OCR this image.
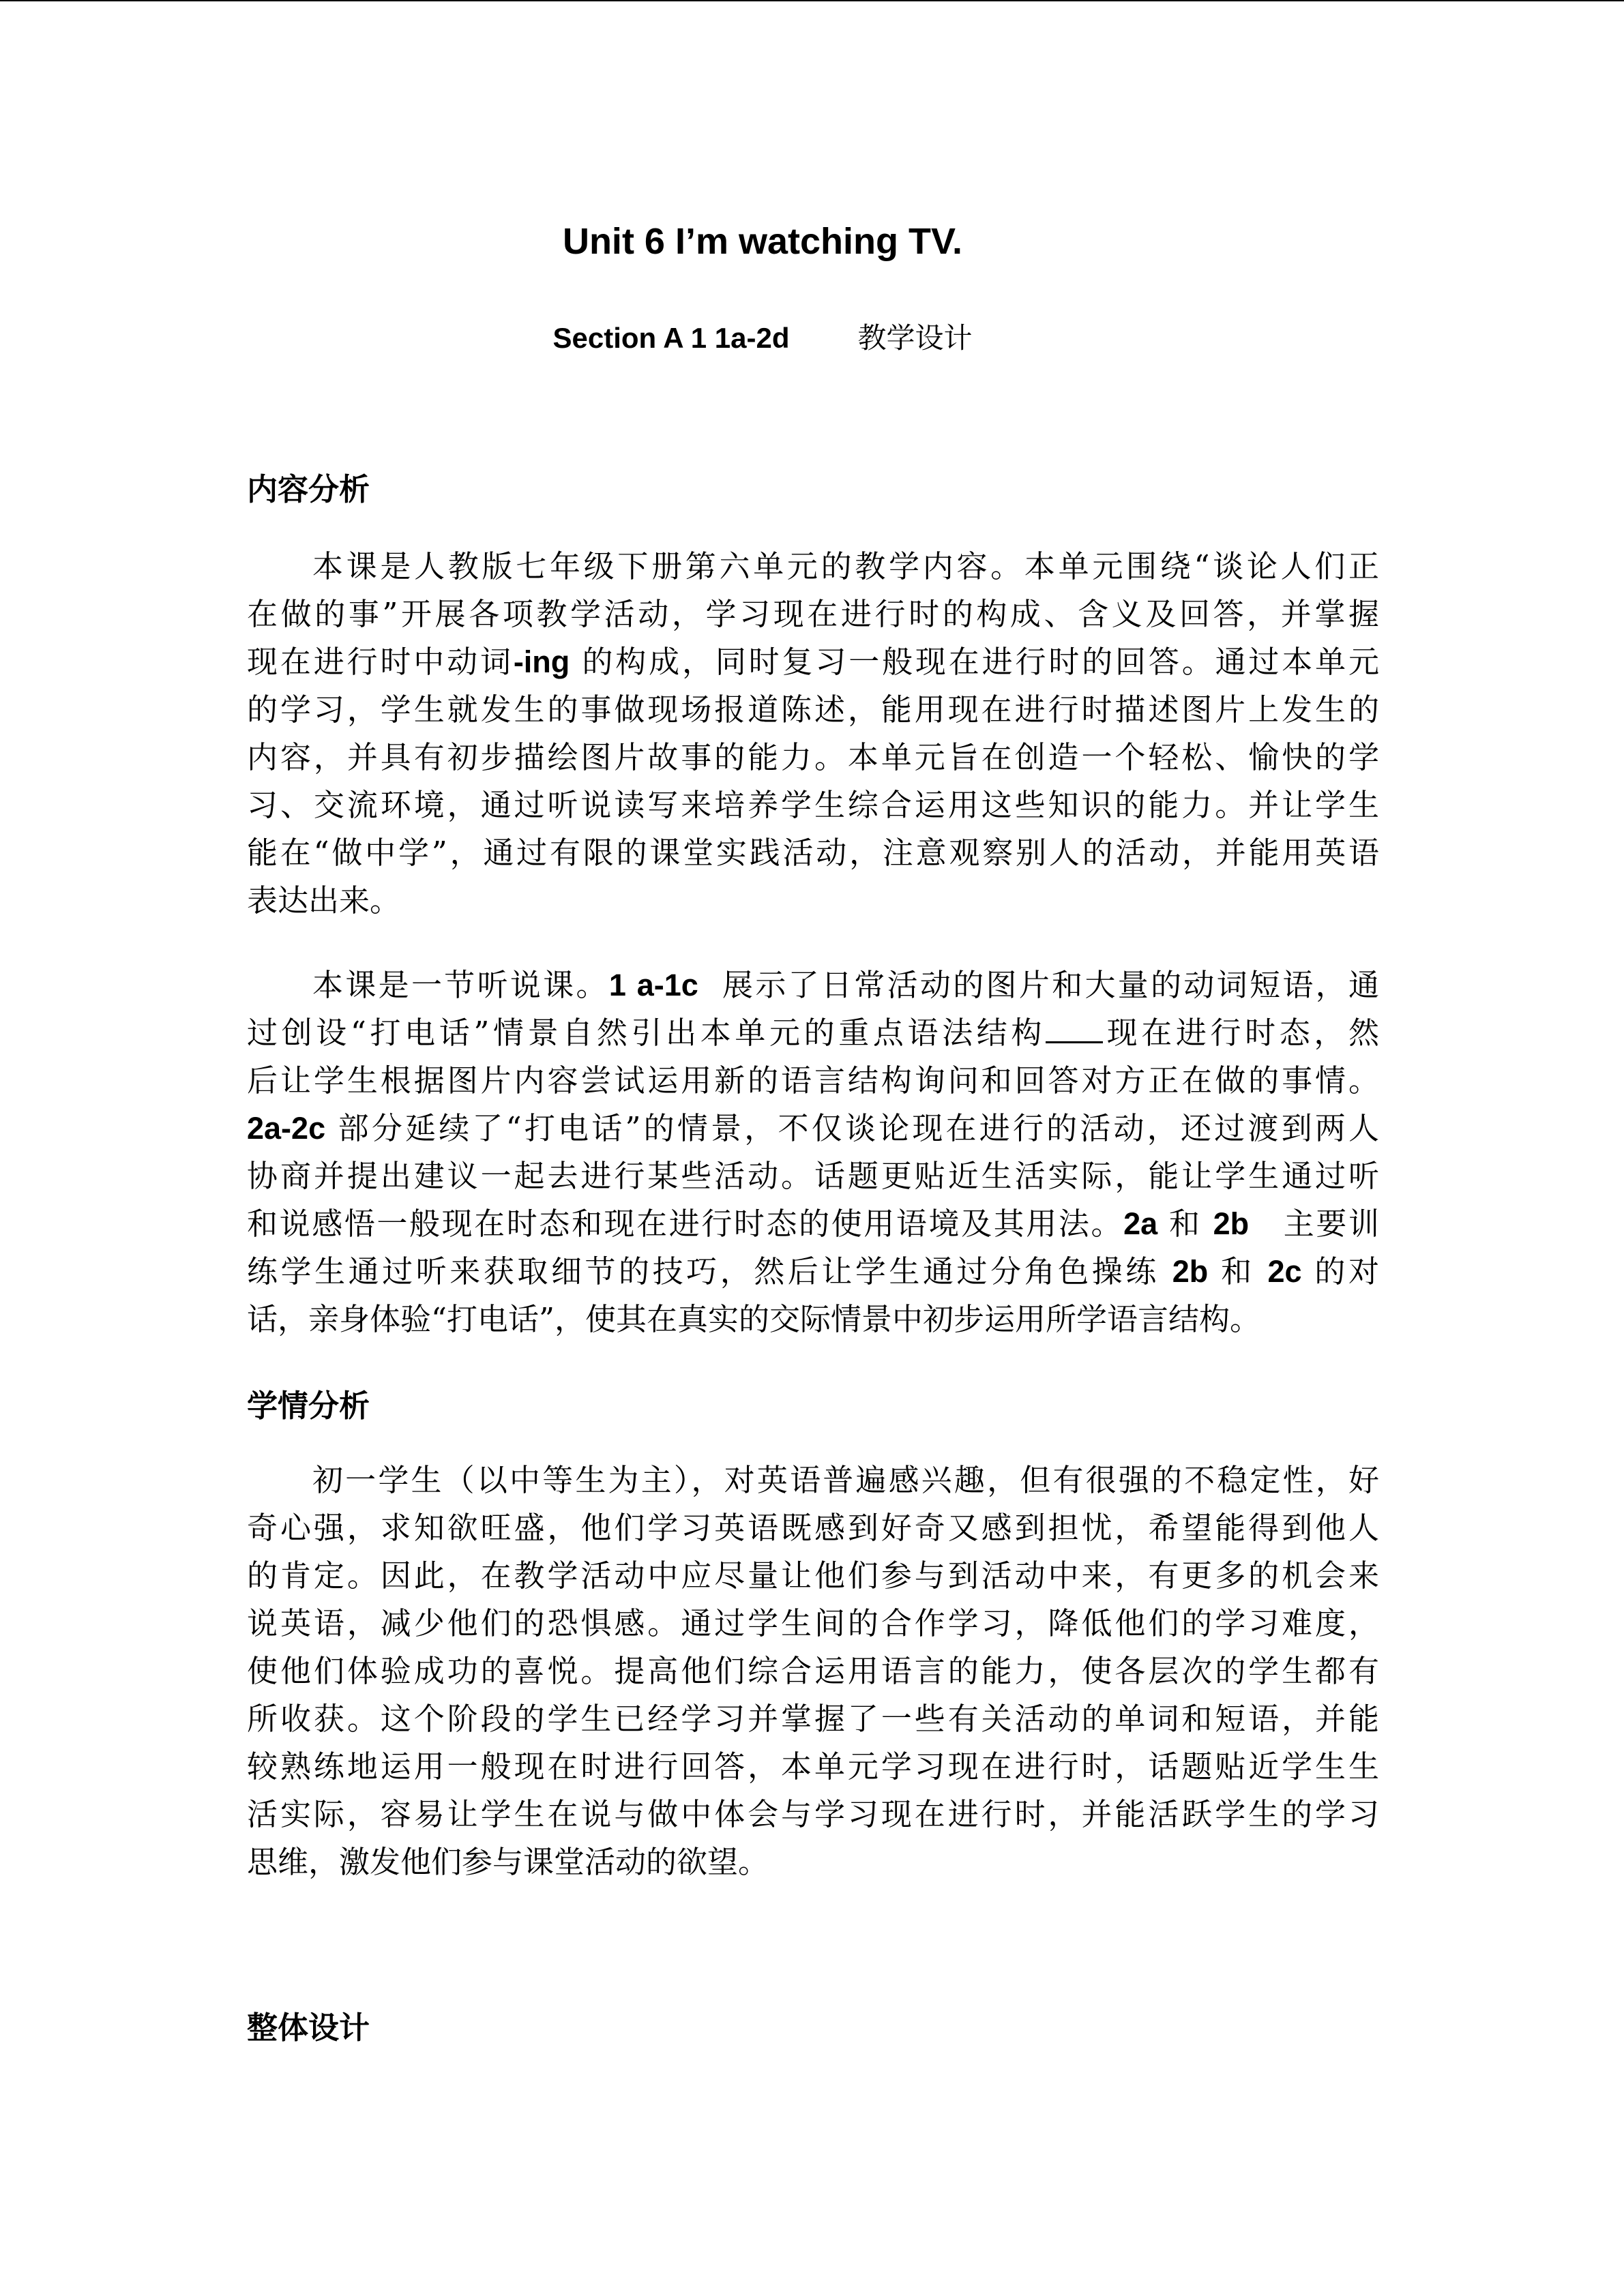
Unit 6 I’m watching TV.

Section A 1 1a-2d 教学设计

内容分析
本课是人教版七年级下册第六单元的教学内容。本单元围绕“谈论人们正
在做的事”开展各项教学活动，学习现在进行时的构成、含义及回答，并掌握
现在进行时中动词-ing 的构成，同时复习一般现在进行时的回答。通过本单元
的学习，学生就发生的事做现场报道陈述，能用现在进行时描述图片上发生的
内容，并具有初步描绘图片故事的能力。本单元旨在创造一个轻松、愉快的学
习、交流环境，通过听说读写来培养学生综合运用这些知识的能力。并让学生
能在“做中学”，通过有限的课堂实践活动，注意观察别人的活动，并能用英语
表达出来。
本课是一节听说课。1 a-1c 展示了日常活动的图片和大量的动词短语，通
过创设“打电话”情景自然引出本单元的重点语法结构 现在进行时态，然
后让学生根据图片内容尝试运用新的语言结构询问和回答对方正在做的事情。
2a-2c 部分延续了“打电话”的情景，不仅谈论现在进行的活动，还过渡到两人
协商并提出建议一起去进行某些活动。话题更贴近生活实际，能让学生通过听
和说感悟一般现在时态和现在进行时态的使用语境及其用法。2a 和 2b 主要训
练学生通过听来获取细节的技巧，然后让学生通过分角色操练 2b 和 2c 的对
话，亲身体验“打电话”，使其在真实的交际情景中初步运用所学语言结构。
学情分析
初一学生（以中等生为主），对英语普遍感兴趣，但有很强的不稳定性，好
奇心强，求知欲旺盛，他们学习英语既感到好奇又感到担忧，希望能得到他人
的肯定。因此，在教学活动中应尽量让他们参与到活动中来，有更多的机会来
说英语，减少他们的恐惧感。通过学生间的合作学习，降低他们的学习难度，
使他们体验成功的喜悦。提高他们综合运用语言的能力，使各层次的学生都有
所收获。这个阶段的学生已经学习并掌握了一些有关活动的单词和短语，并能
较熟练地运用一般现在时进行回答，本单元学习现在进行时，话题贴近学生生
活实际，容易让学生在说与做中体会与学习现在进行时，并能活跃学生的学习
思维，激发他们参与课堂活动的欲望。
整体设计
